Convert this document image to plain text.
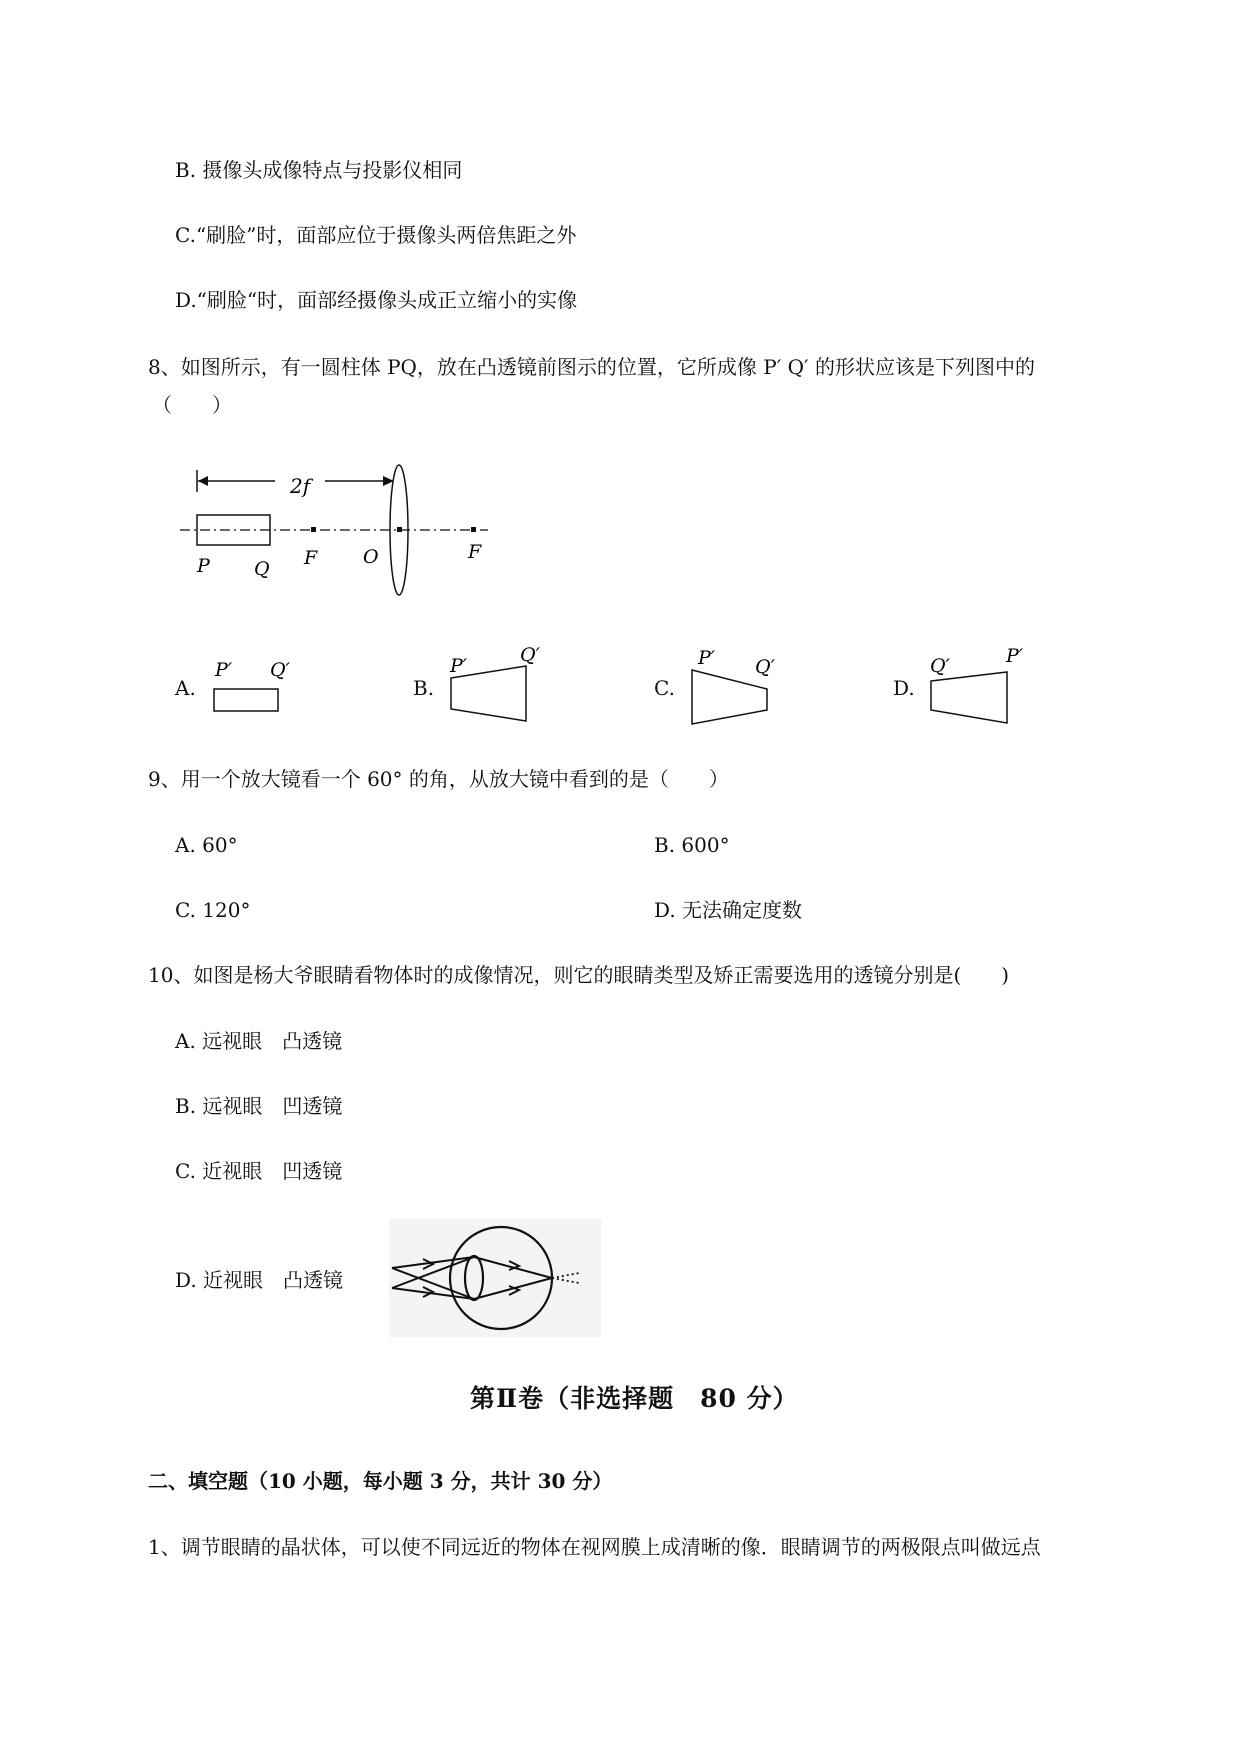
B. 摄像头成像特点与投影仪相同
C.“刷脸”时，面部应位于摄像头两倍焦距之外
D.“刷脸“时，面部经摄像头成正立缩小的实像
8、如图所示，有一圆柱体 PQ，放在凸透镜前图示的位置，它所成像 P′ Q′ 的形状应该是下列图中的
（　　）
2f
P Q F O	F
A.
P′ Q′
B.
P′	Q′
C.
P′ Q′
D.
Q′	P′
9、用一个放大镜看一个 60° 的角，从放大镜中看到的是（　　）
A. 60°	B. 600°
C. 120°	D. 无法确定度数
10、如图是杨大爷眼睛看物体时的成像情况，则它的眼睛类型及矫正需要选用的透镜分别是(　　)
A. 远视眼　凸透镜
B. 远视眼　凹透镜
C. 近视眼　凹透镜
D. 近视眼　凸透镜
第Ⅱ卷（非选择题　80 分）
二、填空题（10 小题，每小题 3 分，共计 30 分）
1、调节眼睛的晶状体，可以使不同远近的物体在视网膜上成清晰的像．眼睛调节的两极限点叫做远点
